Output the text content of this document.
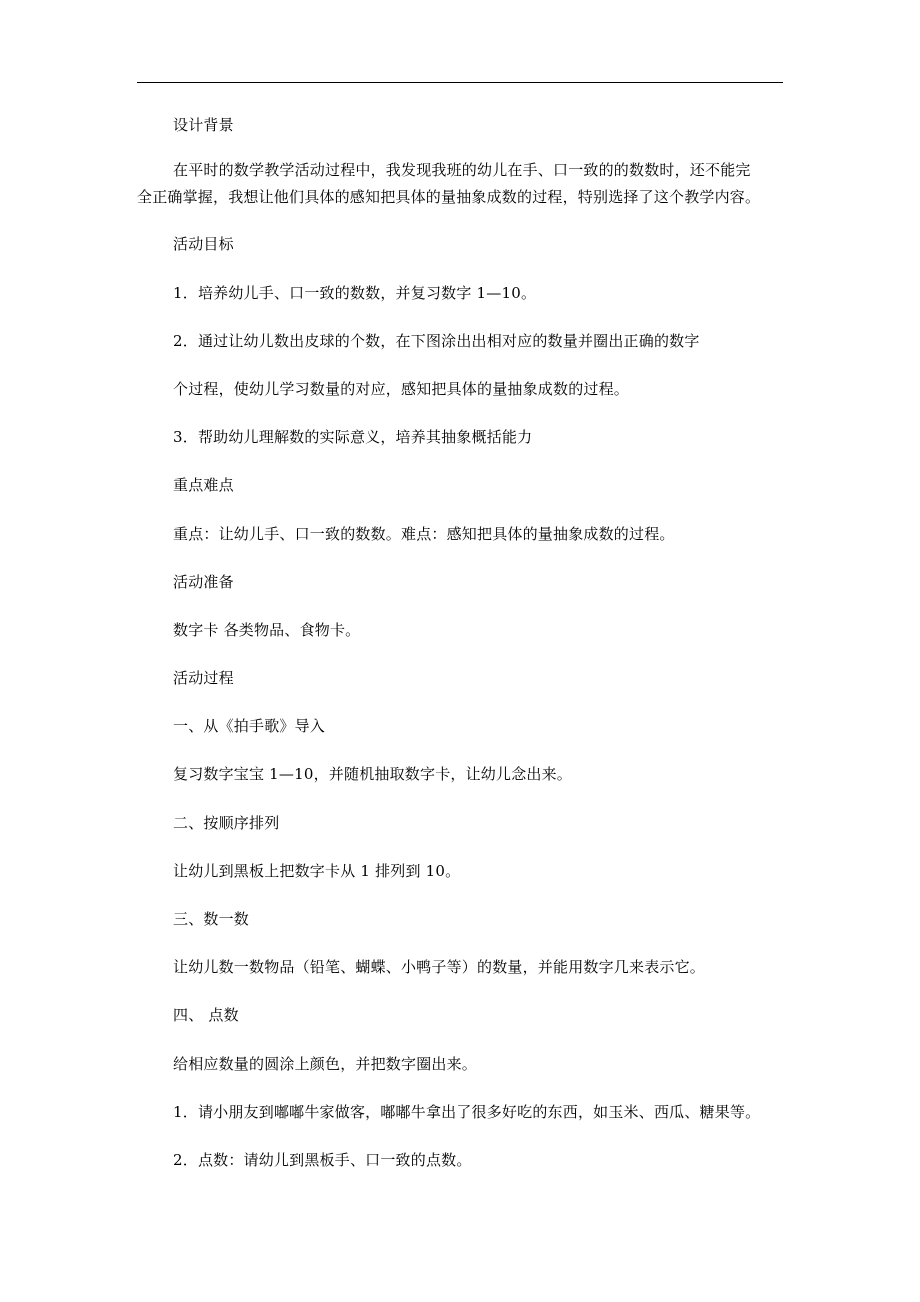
设计背景
在平时的数学教学活动过程中，我发现我班的幼儿在手、口一致的的数数时，还不能完
全正确掌握，我想让他们具体的感知把具体的量抽象成数的过程，特别选择了这个教学内容。
活动目标
1．培养幼儿手、口一致的数数，并复习数字 1—10。
2．通过让幼儿数出皮球的个数，在下图涂出出相对应的数量并圈出正确的数字
个过程，使幼儿学习数量的对应，感知把具体的量抽象成数的过程。
3．帮助幼儿理解数的实际意义，培养其抽象概括能力
重点难点
重点：让幼儿手、口一致的数数。难点：感知把具体的量抽象成数的过程。
活动准备
数字卡 各类物品、食物卡。
活动过程
一、从《拍手歌》导入
复习数字宝宝 1—10，并随机抽取数字卡，让幼儿念出来。
二、按顺序排列
让幼儿到黑板上把数字卡从 1 排列到 10。
三、数一数
让幼儿数一数物品（铅笔、蝴蝶、小鸭子等）的数量，并能用数字几来表示它。
四、 点数
给相应数量的圆涂上颜色，并把数字圈出来。
1．请小朋友到嘟嘟牛家做客，嘟嘟牛拿出了很多好吃的东西，如玉米、西瓜、糖果等。
2．点数：请幼儿到黑板手、口一致的点数。
